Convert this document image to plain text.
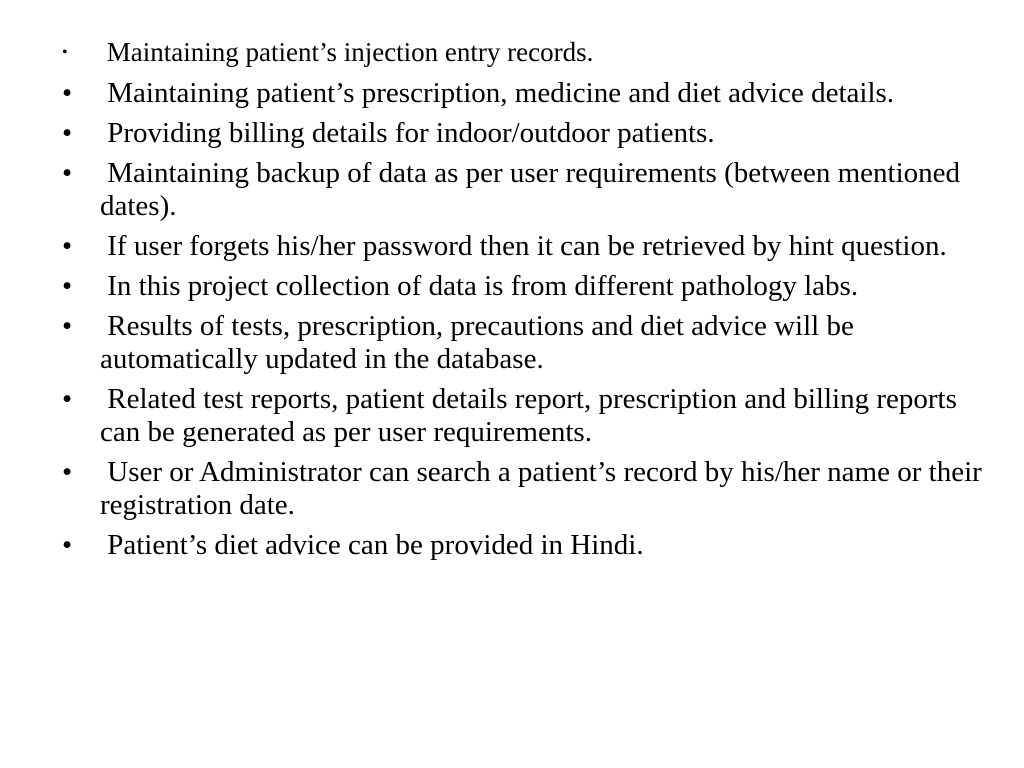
• Maintaining patient’s injection entry records.
• Maintaining patient’s prescription, medicine and diet advice details.
• Providing billing details for indoor/outdoor patients.
• Maintaining backup of data as per user requirements (between mentioned dates).
• If user forgets his/her password then it can be retrieved by hint question.
• In this project collection of data is from different pathology labs.
• Results of tests, prescription, precautions and diet advice will be automatically updated in the database.
• Related test reports, patient details report, prescription and billing reports can be generated as per user requirements.
• User or Administrator can search a patient’s record by his/her name or their registration date.
• Patient’s diet advice can be provided in Hindi.
